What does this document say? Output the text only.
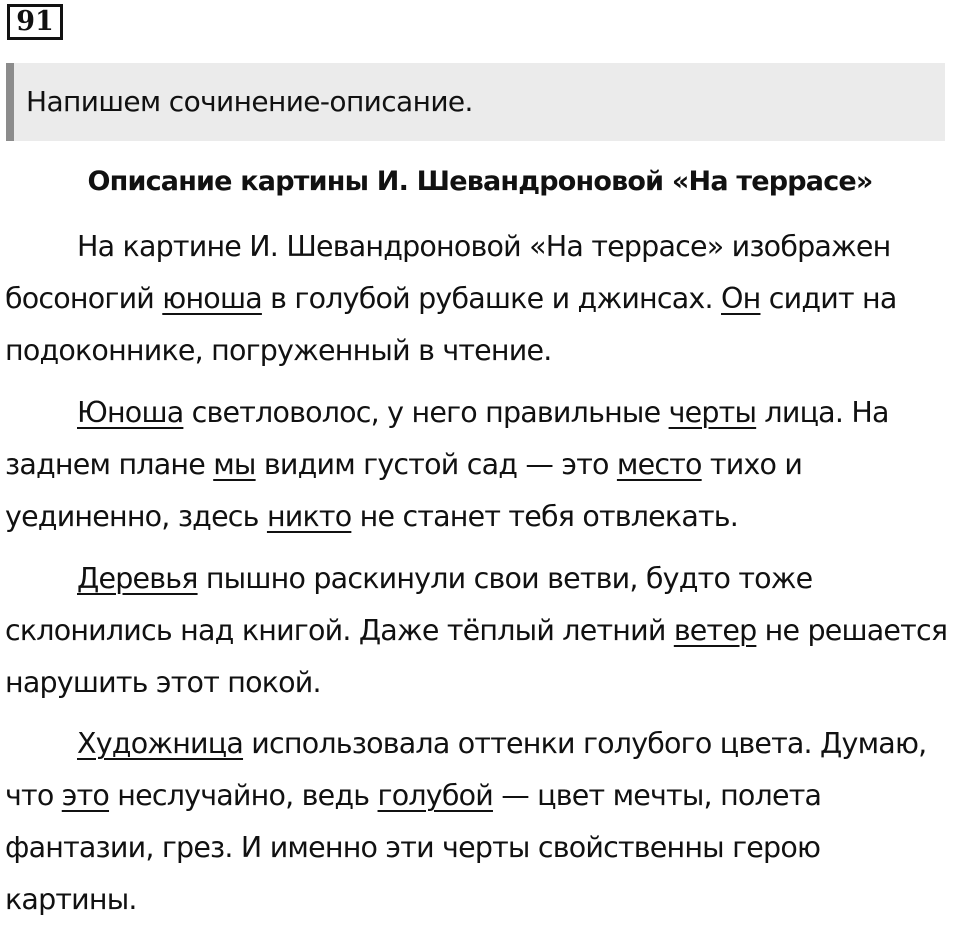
91
Напишем сочинение-описание.
Описание картины И. Шевандроновой «На террасе»

На картине И. Шевандроновой «На террасе» изображен босоногий юноша в голубой рубашке и джинсах. Он сидит на подоконнике, погруженный в чтение.

Юноша светловолос, у него правильные черты лица. На заднем плане мы видим густой сад — это место тихо и уединенно, здесь никто не станет тебя отвлекать.

Деревья пышно раскинули свои ветви, будто тоже склонились над книгой. Даже тёплый летний ветер не решается нарушить этот покой.

Художница использовала оттенки голубого цвета. Думаю, что это неслучайно, ведь голубой — цвет мечты, полета фантазии, грез. И именно эти черты свойственны герою картины.
